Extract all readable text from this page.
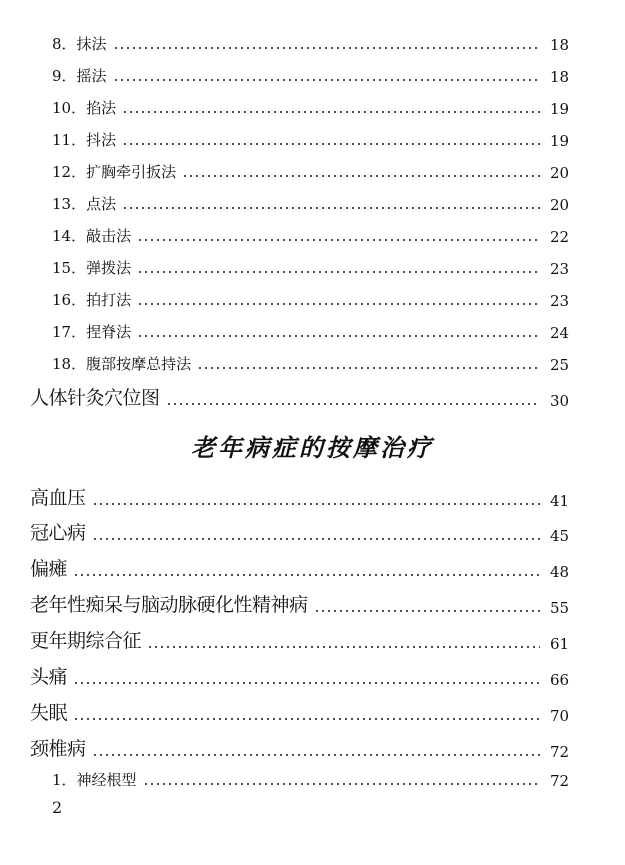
8．抹法	18
9．摇法	18
10．掐法	19
11．抖法	19
12．扩胸牵引扳法	20
13．点法	20
14．敲击法	22
15．弹拨法	23
16．拍打法	23
17．捏脊法	24
18．腹部按摩总持法	25
人体针灸穴位图	30
老年病症的按摩治疗
高血压	41
冠心病	45
偏瘫	48
老年性痴呆与脑动脉硬化性精神病	55
更年期综合征	61
头痛	66
失眠	70
颈椎病	72
1．神经根型	72
2
